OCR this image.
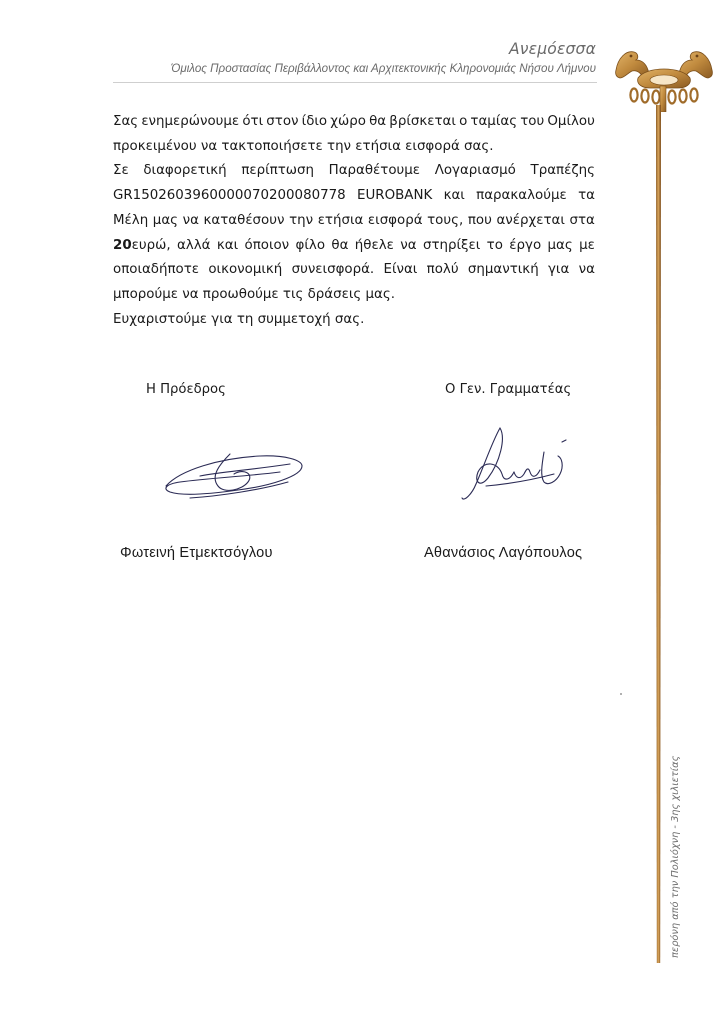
Ανεμόεσσα
Όμιλος Προστασίας Περιβάλλοντος και Αρχιτεκτονικής Κληρονομιάς Νήσου Λήμνου
περόνη από την Πολιόχνη - 3ης χιλιετίας
Σας ενημερώνουμε ότι στον ίδιο χώρο θα βρίσκεται ο ταμίας του Ομίλου
προκειμένου να τακτοποιήσετε την ετήσια εισφορά σας.
Σε διαφορετική περίπτωση Παραθέτουμε Λογαριασμό Τραπέζης
GR1502603960000070200080778 EUROBANK και παρακαλούμε τα
Μέλη μας να καταθέσουν την ετήσια εισφορά τους, που ανέρχεται στα
20ευρώ, αλλά και όποιον φίλο θα ήθελε να στηρίξει το έργο μας με
οποιαδήποτε οικονομική συνεισφορά. Είναι πολύ σημαντική για να
μπορούμε να προωθούμε τις δράσεις μας.
Ευχαριστούμε για τη συμμετοχή σας.
Η Πρόεδρος	Ο Γεν. Γραμματέας
Φωτεινή Ετμεκτσόγλου	Αθανάσιος Λαγόπουλος
